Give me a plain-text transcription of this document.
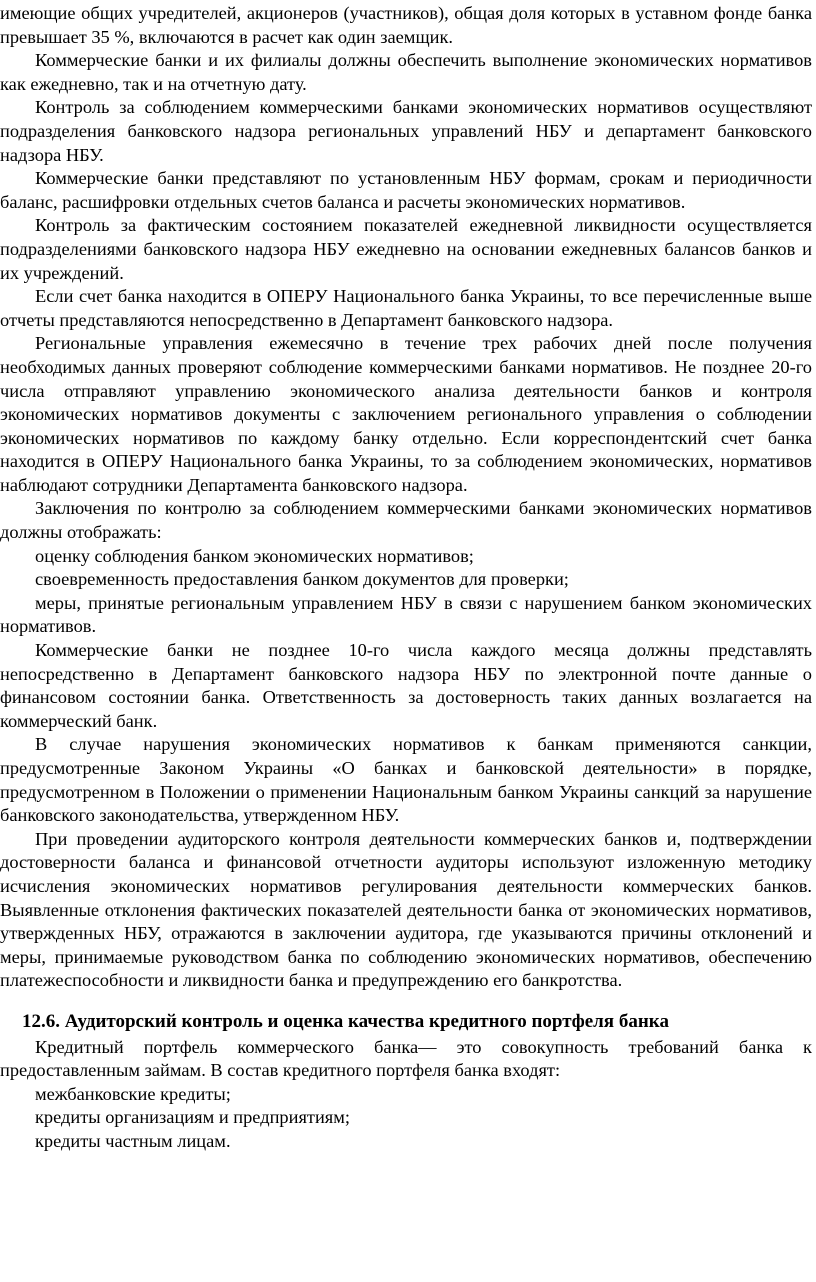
имеющие общих учредителей, акционеров (участников), общая доля которых в уставном фонде банка превышает 35 %, включаются в расчет как один заемщик.

Коммерческие банки и их филиалы должны обеспечить выполнение экономических нормативов как ежедневно, так и на отчетную дату.

Контроль за соблюдением коммерческими банками экономических нормативов осуществляют подразделения банковского надзора региональных управлений НБУ и департамент банковского надзора НБУ.

Коммерческие банки представляют по установленным НБУ формам, срокам и периодичности баланс, расшифровки отдельных счетов баланса и расчеты экономических нормативов.

Контроль за фактическим состоянием показателей ежедневной ликвидности осуществляется подразделениями банковского надзора НБУ ежедневно на основании ежедневных балансов банков и их учреждений.

Если счет банка находится в ОПЕРУ Национального банка Украины, то все перечисленные выше отчеты представляются непосредственно в Департамент банковского надзора.

Региональные управления ежемесячно в течение трех рабочих дней после получения необходимых данных проверяют соблюдение коммерческими банками нормативов. Не позднее 20-го числа отправляют управлению экономического анализа деятельности банков и контроля экономических нормативов документы с заключением регионального управления о соблюдении экономических нормативов по каждому банку отдельно. Если корреспондентский счет банка находится в ОПЕРУ Национального банка Украины, то за соблюдением экономических, нормативов наблюдают сотрудники Департамента банковского надзора.

Заключения по контролю за соблюдением коммерческими банками экономических нормативов должны отображать:

оценку соблюдения банком экономических нормативов;

своевременность предоставления банком документов для проверки;

меры, принятые региональным управлением НБУ в связи с нарушением банком экономических нормативов.

Коммерческие банки не позднее 10-го числа каждого месяца должны представлять непосредственно в Департамент банковского надзора НБУ по электронной почте данные о финансовом состоянии банка. Ответственность за достоверность таких данных возлагается на коммерческий банк.

В случае нарушения экономических нормативов к банкам применяются санкции, предусмотренные Законом Украины «О банках и банковской деятельности» в порядке, предусмотренном в Положении о применении Национальным банком Украины санкций за нарушение банковского законодательства, утвержденном НБУ.

При проведении аудиторского контроля деятельности коммерческих банков и, подтверждении достоверности баланса и финансовой отчетности аудиторы используют изложенную методику исчисления экономических нормативов регулирования деятельности коммерческих банков. Выявленные отклонения фактических показателей деятельности банка от экономических нормативов, утвержденных НБУ, отражаются в заключении аудитора, где указываются причины отклонений и меры, принимаемые руководством банка по соблюдению экономических нормативов, обеспечению платежеспособности и ликвидности банка и предупреждению его банкротства.

12.6. Аудиторский контроль и оценка качества кредитного портфеля банка

Кредитный портфель коммерческого банка— это совокупность требований банка к предоставленным займам. В состав кредитного портфеля банка входят:

межбанковские кредиты;

кредиты организациям и предприятиям;

кредиты частным лицам.
